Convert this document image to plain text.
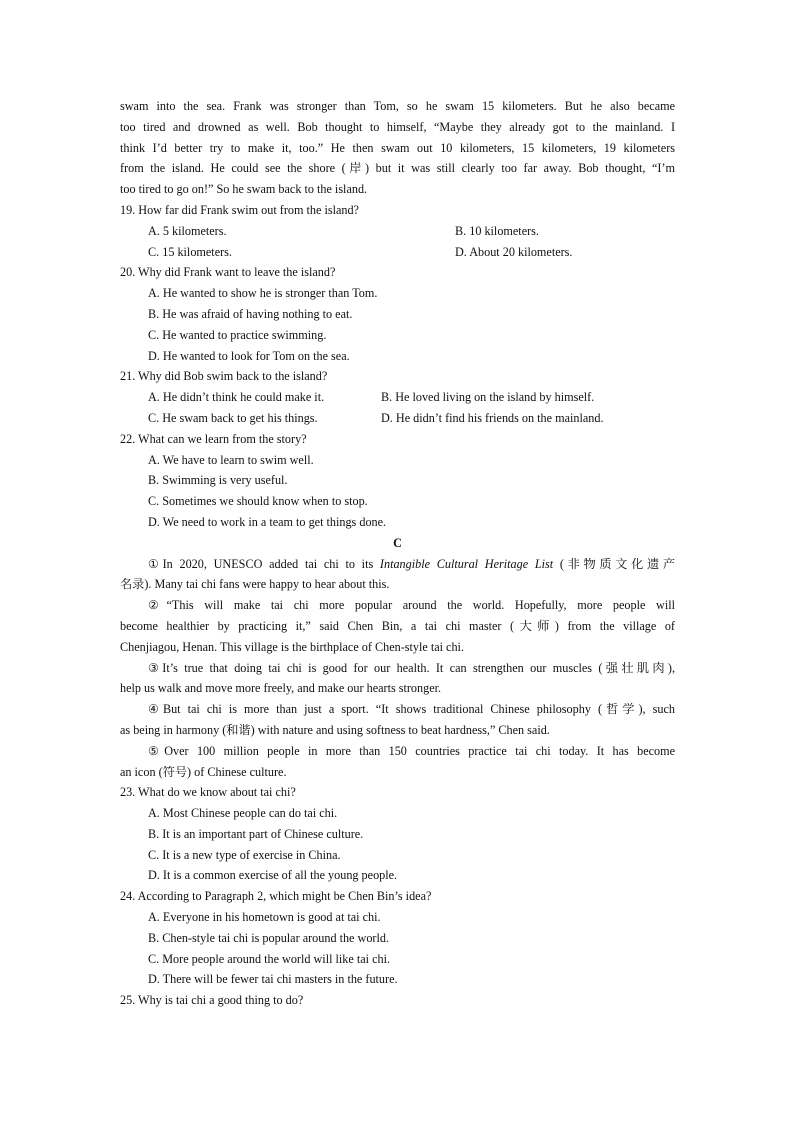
swam into the sea. Frank was stronger than Tom, so he swam 15 kilometers. But he also became

too tired and drowned as well. Bob thought to himself, “Maybe they already got to the mainland. I

think I’d better try to make it, too.” He then swam out 10 kilometers, 15 kilometers, 19 kilometers

from the island. He could see the shore (岸) but it was still clearly too far away. Bob thought, “I’m

too tired to go on!” So he swam back to the island.

19. How far did Frank swim out from the island?

A. 5 kilometers.	B. 10 kilometers.
C. 15 kilometers.	D. About 20 kilometers.

20. Why did Frank want to leave the island?

A. He wanted to show he is stronger than Tom.

B. He was afraid of having nothing to eat.

C. He wanted to practice swimming.

D. He wanted to look for Tom on the sea.

21. Why did Bob swim back to the island?

A. He didn’t think he could make it.	B. He loved living on the island by himself.
C. He swam back to get his things.	D. He didn’t find his friends on the mainland.

22. What can we learn from the story?

A. We have to learn to swim well.

B. Swimming is very useful.

C. Sometimes we should know when to stop.

D. We need to work in a team to get things done.

C

①In 2020, UNESCO added tai chi to its Intangible Cultural Heritage List (非物质文化遗产
名录). Many tai chi fans were happy to hear about this.
②“This will make tai chi more popular around the world. Hopefully, more people will
become healthier by practicing it,” said Chen Bin, a tai chi master (大师) from the village of
Chenjiagou, Henan. This village is the birthplace of Chen-style tai chi.
③It’s true that doing tai chi is good for our health. It can strengthen our muscles (强壮肌肉),
help us walk and move more freely, and make our hearts stronger.
④But tai chi is more than just a sport. “It shows traditional Chinese philosophy (哲学), such
as being in harmony (和谐) with nature and using softness to beat hardness,” Chen said.
⑤Over 100 million people in more than 150 countries practice tai chi today. It has become
an icon (符号) of Chinese culture.

23. What do we know about tai chi?

A. Most Chinese people can do tai chi.

B. It is an important part of Chinese culture.

C. It is a new type of exercise in China.

D. It is a common exercise of all the young people.

24. According to Paragraph 2, which might be Chen Bin’s idea?

A. Everyone in his hometown is good at tai chi.

B. Chen-style tai chi is popular around the world.

C. More people around the world will like tai chi.

D. There will be fewer tai chi masters in the future.

25. Why is tai chi a good thing to do?
